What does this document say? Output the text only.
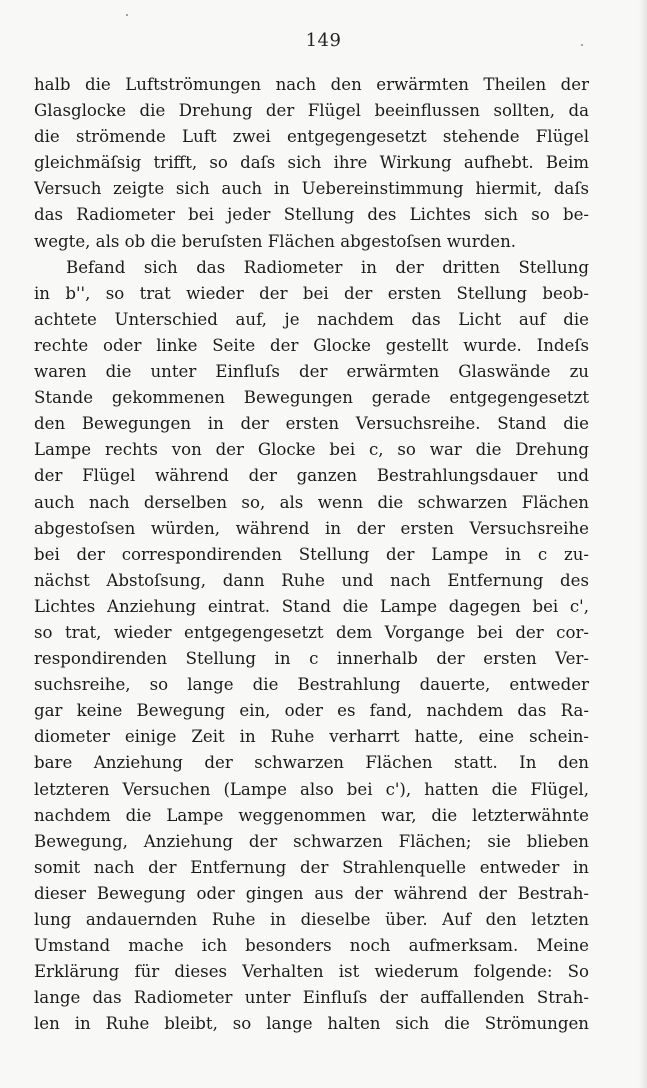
149
halb die Luftströmungen nach den erwärmten Theilen der
Glasglocke die Drehung der Flügel beeinflussen sollten, da
die strömende Luft zwei entgegengesetzt stehende Flügel
gleichmäſsig trifft, so daſs sich ihre Wirkung aufhebt. Beim
Versuch zeigte sich auch in Uebereinstimmung hiermit, daſs
das Radiometer bei jeder Stellung des Lichtes sich so be-
wegte, als ob die beruſsten Flächen abgestoſsen wurden.
Befand sich das Radiometer in der dritten Stellung
in b'', so trat wieder der bei der ersten Stellung beob-
achtete Unterschied auf, je nachdem das Licht auf die
rechte oder linke Seite der Glocke gestellt wurde. Indeſs
waren die unter Einfluſs der erwärmten Glaswände zu
Stande gekommenen Bewegungen gerade entgegengesetzt
den Bewegungen in der ersten Versuchsreihe. Stand die
Lampe rechts von der Glocke bei c, so war die Drehung
der Flügel während der ganzen Bestrahlungsdauer und
auch nach derselben so, als wenn die schwarzen Flächen
abgestoſsen würden, während in der ersten Versuchsreihe
bei der correspondirenden Stellung der Lampe in c zu-
nächst Abstoſsung, dann Ruhe und nach Entfernung des
Lichtes Anziehung eintrat. Stand die Lampe dagegen bei c',
so trat, wieder entgegengesetzt dem Vorgange bei der cor-
respondirenden Stellung in c innerhalb der ersten Ver-
suchsreihe, so lange die Bestrahlung dauerte, entweder
gar keine Bewegung ein, oder es fand, nachdem das Ra-
diometer einige Zeit in Ruhe verharrt hatte, eine schein-
bare Anziehung der schwarzen Flächen statt. In den
letzteren Versuchen (Lampe also bei c'), hatten die Flügel,
nachdem die Lampe weggenommen war, die letzterwähnte
Bewegung, Anziehung der schwarzen Flächen; sie blieben
somit nach der Entfernung der Strahlenquelle entweder in
dieser Bewegung oder gingen aus der während der Bestrah-
lung andauernden Ruhe in dieselbe über. Auf den letzten
Umstand mache ich besonders noch aufmerksam. Meine
Erklärung für dieses Verhalten ist wiederum folgende: So
lange das Radiometer unter Einfluſs der auffallenden Strah-
len in Ruhe bleibt, so lange halten sich die Strömungen
